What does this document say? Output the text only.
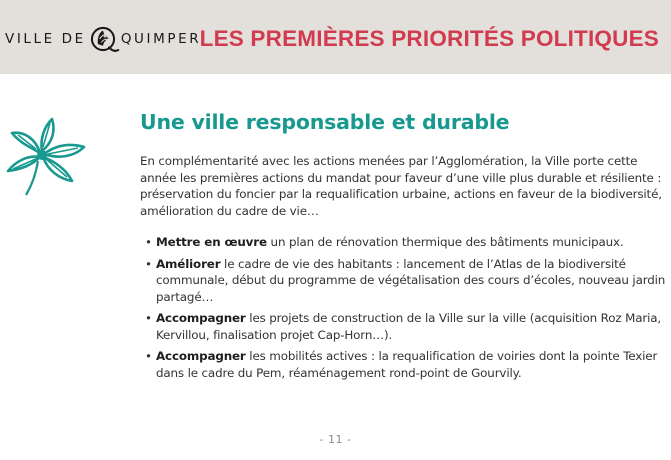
VILLE DE	QUIMPER
LES PREMIÈRES PRIORITÉS POLITIQUES
Une ville responsable et durable

En complémentarité avec les actions menées par l’Agglomération, la Ville porte cette année les premières actions du mandat pour faveur d’une ville plus durable et résiliente : préservation du foncier par la requalification urbaine, actions en faveur de la biodiversité, amélioration du cadre de vie…

• Mettre en œuvre un plan de rénovation thermique des bâtiments municipaux.
• Améliorer le cadre de vie des habitants : lancement de l’Atlas de la biodiversité communale, début du programme de végétalisation des cours d’écoles, nouveau jardin partagé…
• Accompagner les projets de construction de la Ville sur la ville (acquisition Roz Maria, Kervillou, finalisation projet Cap-Horn…).
• Accompagner les mobilités actives : la requalification de voiries dont la pointe Texier dans le cadre du Pem, réaménagement rond-point de Gourvily.
- 11 -
